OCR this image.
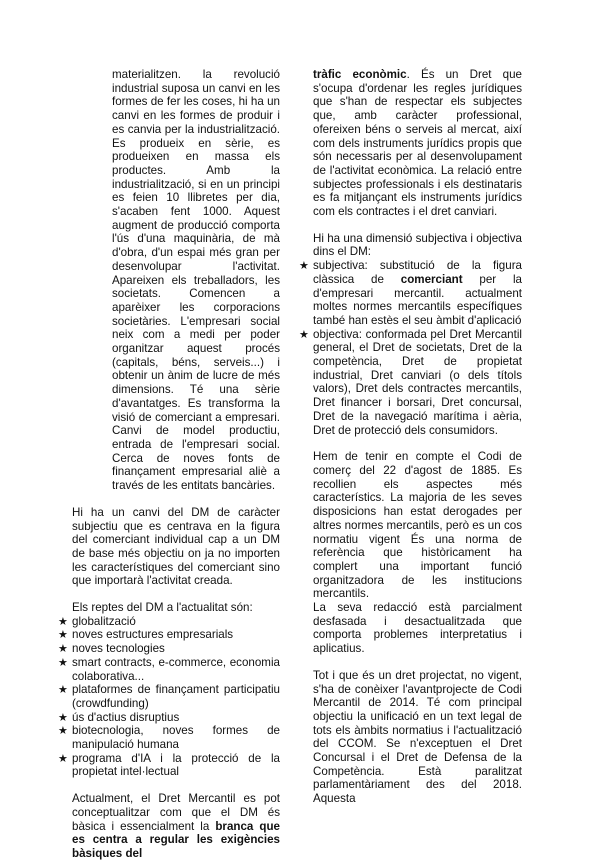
materialitzen. la revolució industrial suposa un canvi en les formes de fer les coses, hi ha un canvi en les formes de produir i es canvia per la industrialització. Es produeix en sèrie, es produeixen en massa els productes. Amb la industrialització, si en un principi es feien 10 llibretes per dia, s'acaben fent 1000. Aquest augment de producció comporta l'ús d'una maquinària, de mà d'obra, d'un espai més gran per desenvolupar l'activitat. Apareixen els treballadors, les societats. Comencen a aparèixer les corporacions societàries. L'empresari social neix com a medi per poder organitzar aquest procés (capitals, béns, serveis...) i obtenir un ànim de lucre de més dimensions. Té una sèrie d'avantatges. Es transforma la visió de comerciant a empresari. Canvi de model productiu, entrada de l'empresari social. Cerca de noves fonts de finançament empresarial aliè a través de les entitats bancàries.

Hi ha un canvi del DM de caràcter subjectiu que es centrava en la figura del comerciant individual cap a un DM de base més objectiu on ja no importen les característiques del comerciant sino que importarà l'activitat creada.

Els reptes del DM a l'actualitat són:

★ globalització
★ noves estructures empresarials
★ noves tecnologies
★ smart contracts, e-commerce, economia colaborativa...
★ plataformes de finançament participatiu (crowdfunding)
★ ús d'actius disruptius
★ biotecnologia, noves formes de manipulació humana
★ programa d'IA i la protecció de la propietat intel·lectual

Actualment, el Dret Mercantil es pot conceptualitzar com que el DM és bàsica i essencialment la branca que es centra a regular les exigències bàsiques del

tràfic econòmic. És un Dret que s'ocupa d'ordenar les regles jurídiques que s'han de respectar els subjectes que, amb caràcter professional, ofereixen béns o serveis al mercat, així com dels instruments jurídics propis que són necessaris per al desenvolupament de l'activitat econòmica. La relació entre subjectes professionals i els destinataris es fa mitjançant els instruments jurídics com els contractes i el dret canviari.

Hi ha una dimensió subjectiva i objectiva dins el DM:

★ subjectiva: substitució de la figura clàssica de comerciant per la d'empresari mercantil. actualment moltes normes mercantils específiques també han estès el seu àmbit d'aplicació
★ objectiva: conformada pel Dret Mercantil general, el Dret de societats, Dret de la competència, Dret de propietat industrial, Dret canviari (o dels títols valors), Dret dels contractes mercantils, Dret financer i borsari, Dret concursal, Dret de la navegació marítima i aèria, Dret de protecció dels consumidors.

Hem de tenir en compte el Codi de comerç del 22 d'agost de 1885. Es recollien els aspectes més característics. La majoria de les seves disposicions han estat derogades per altres normes mercantils, però es un cos normatiu vigent És una norma de referència que històricament ha complert una important funció organitzadora de les institucions mercantils.

La seva redacció està parcialment desfasada i desactualitzada que comporta problemes interpretatius i aplicatius.

Tot i que és un dret projectat, no vigent, s'ha de conèixer l'avantprojecte de Codi Mercantil de 2014. Té com principal objectiu la unificació en un text legal de tots els àmbits normatius i l'actualització del CCOM. Se n'exceptuen el Dret Concursal i el Dret de Defensa de la Competència. Està paralitzat parlamentàriament des del 2018. Aquesta
